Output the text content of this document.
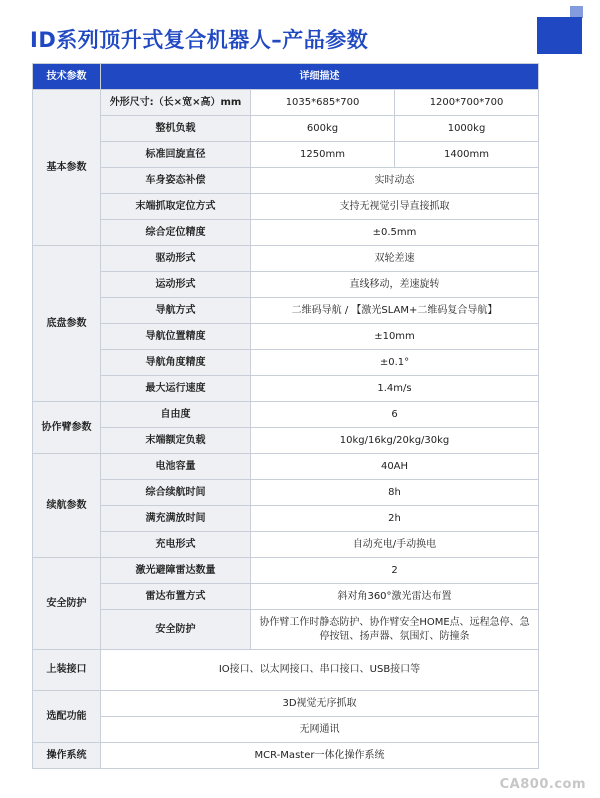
ID系列顶升式复合机器人–产品参数
技术参数	详细描述		
基本参数	外形尺寸:（长×宽×高）mm	1035*685*700	1200*700*700
	整机负载	600kg	1000kg
	标准回旋直径	1250mm	1400mm
	车身姿态补偿	实时动态	
	末端抓取定位方式	支持无视觉引导直接抓取	
	综合定位精度	±0.5mm	
底盘参数	驱动形式	双轮差速	
	运动形式	直线移动，差速旋转	
	导航方式	二维码导航 / 【激光SLAM+二维码复合导航】	
	导航位置精度	±10mm	
	导航角度精度	±0.1°	
	最大运行速度	1.4m/s	
协作臂参数	自由度	6	
	末端额定负载	10kg/16kg/20kg/30kg	
续航参数	电池容量	40AH	
	综合续航时间	8h	
	满充满放时间	2h	
	充电形式	自动充电/手动换电	
安全防护	激光避障雷达数量	2	
	雷达布置方式	斜对角360°激光雷达布置	
	安全防护	协作臂工作时静态防护、协作臂安全HOME点、远程急停、急停按钮、扬声器、氛围灯、防撞条	
上装接口	IO接口、以太网接口、串口接口、USB接口等		
选配功能	3D视觉无序抓取		
	无网通讯		
操作系统	MCR-Master一体化操作系统		
CA800.com
